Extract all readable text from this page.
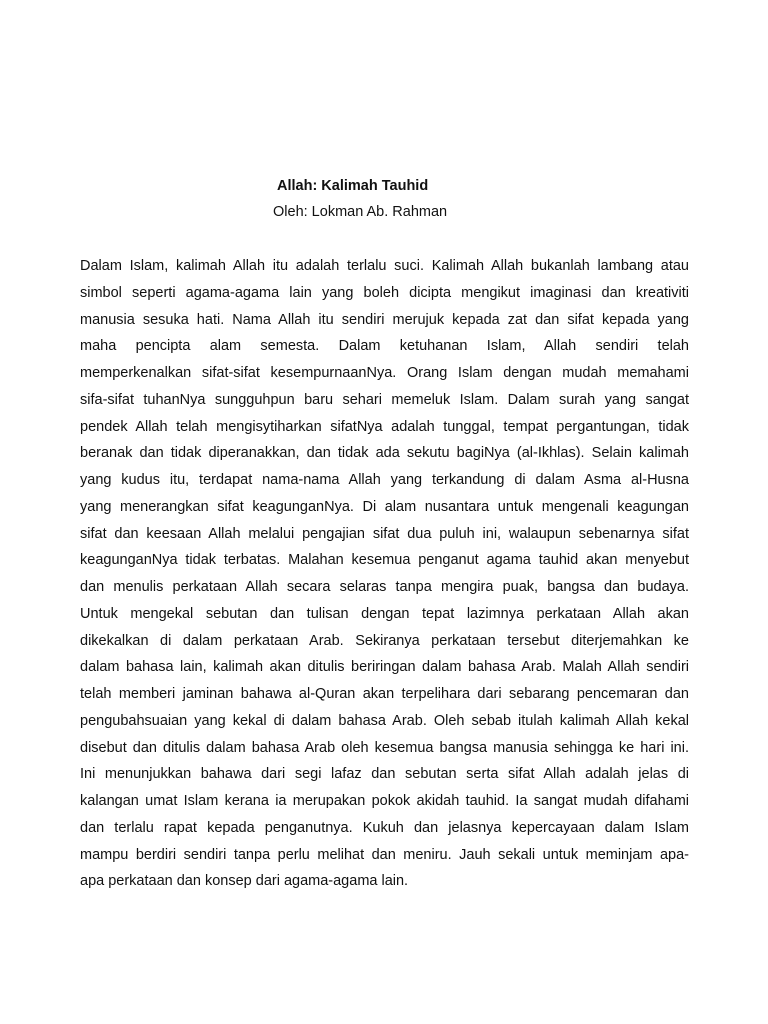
Allah: Kalimah Tauhid
Oleh: Lokman Ab. Rahman
Dalam Islam, kalimah Allah itu adalah terlalu suci. Kalimah Allah bukanlah lambang atau
simbol seperti agama-agama lain yang boleh dicipta mengikut imaginasi dan kreativiti
manusia sesuka hati. Nama Allah itu sendiri merujuk kepada zat dan sifat kepada yang
maha pencipta alam semesta. Dalam ketuhanan Islam, Allah sendiri telah
memperkenalkan sifat-sifat kesempurnaanNya. Orang Islam dengan mudah memahami
sifa-sifat tuhanNya sungguhpun baru sehari memeluk Islam. Dalam surah yang sangat
pendek Allah telah mengisytiharkan sifatNya adalah tunggal, tempat pergantungan, tidak
beranak dan tidak diperanakkan, dan tidak ada sekutu bagiNya (al-Ikhlas). Selain kalimah
yang kudus itu, terdapat nama-nama Allah yang terkandung di dalam Asma al-Husna
yang menerangkan sifat keagunganNya. Di alam nusantara untuk mengenali keagungan
sifat dan keesaan Allah melalui pengajian sifat dua puluh ini, walaupun sebenarnya sifat
keagunganNya tidak terbatas. Malahan kesemua penganut agama tauhid akan menyebut
dan menulis perkataan Allah secara selaras tanpa mengira puak, bangsa dan budaya.
Untuk mengekal sebutan dan tulisan dengan tepat lazimnya perkataan Allah akan
dikekalkan di dalam perkataan Arab. Sekiranya perkataan tersebut diterjemahkan ke
dalam bahasa lain, kalimah akan ditulis beriringan dalam bahasa Arab. Malah Allah sendiri
telah memberi jaminan bahawa al-Quran akan terpelihara dari sebarang pencemaran dan
pengubahsuaian yang kekal di dalam bahasa Arab. Oleh sebab itulah kalimah Allah kekal
disebut dan ditulis dalam bahasa Arab oleh kesemua bangsa manusia sehingga ke hari ini.
Ini menunjukkan bahawa dari segi lafaz dan sebutan serta sifat Allah adalah jelas di
kalangan umat Islam kerana ia merupakan pokok akidah tauhid. Ia sangat mudah difahami
dan terlalu rapat kepada penganutnya. Kukuh dan jelasnya kepercayaan dalam Islam
mampu berdiri sendiri tanpa perlu melihat dan meniru. Jauh sekali untuk meminjam apa-
apa perkataan dan konsep dari agama-agama lain.
